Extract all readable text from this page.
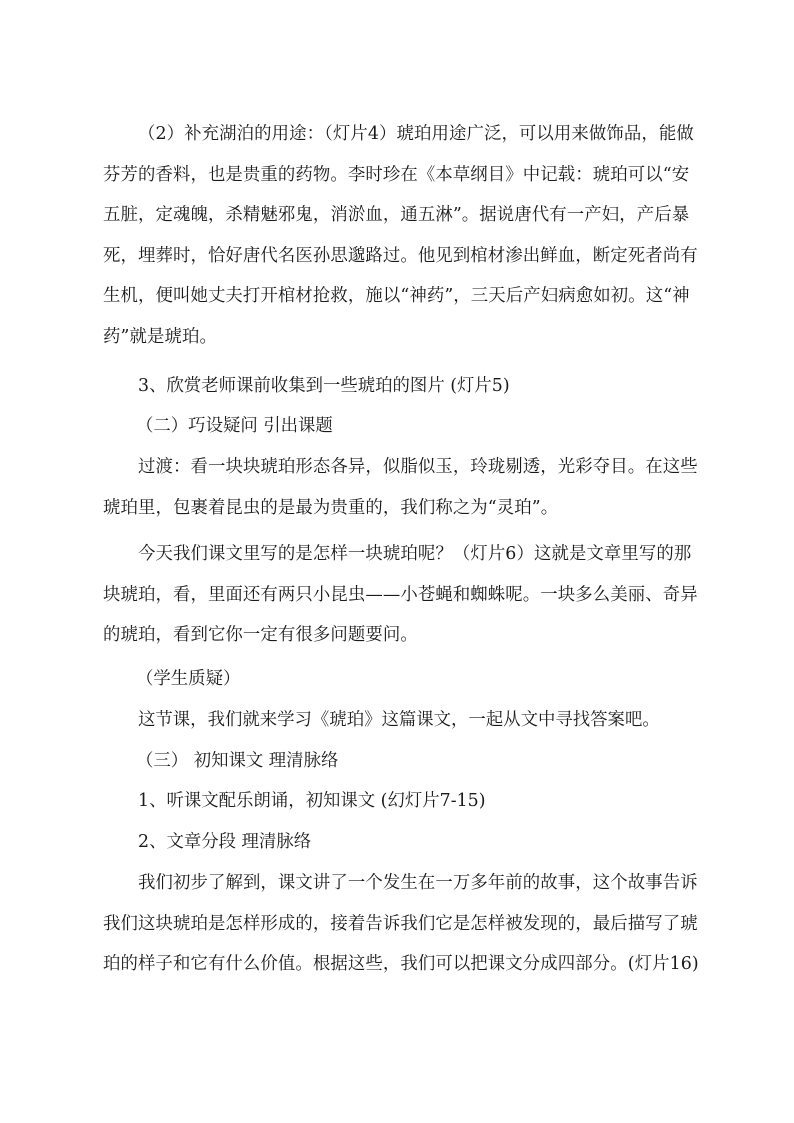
（2）补充湖泊的用途：（灯片4）琥珀用途广泛，可以用来做饰品，能做芬芳的香料，也是贵重的药物。李时珍在《本草纲目》中记载：琥珀可以“安五脏，定魂魄，杀精魅邪鬼，消淤血，通五淋”。据说唐代有一产妇，产后暴死，埋葬时，恰好唐代名医孙思邈路过。他见到棺材渗出鲜血，断定死者尚有生机，便叫她丈夫打开棺材抢救，施以“神药”，三天后产妇病愈如初。这“神药”就是琥珀。

3、欣赏老师课前收集到一些琥珀的图片 (灯片5)

（二）巧设疑问 引出课题

过渡：看一块块琥珀形态各异，似脂似玉，玲珑剔透，光彩夺目。在这些琥珀里，包裹着昆虫的是最为贵重的，我们称之为“灵珀”。

今天我们课文里写的是怎样一块琥珀呢？（灯片6）这就是文章里写的那块琥珀，看，里面还有两只小昆虫——小苍蝇和蜘蛛呢。一块多么美丽、奇异的琥珀，看到它你一定有很多问题要问。

（学生质疑）

这节课，我们就来学习《琥珀》这篇课文，一起从文中寻找答案吧。

（三） 初知课文 理清脉络

1、听课文配乐朗诵，初知课文 (幻灯片7-15)

2、文章分段 理清脉络

我们初步了解到，课文讲了一个发生在一万多年前的故事，这个故事告诉我们这块琥珀是怎样形成的，接着告诉我们它是怎样被发现的，最后描写了琥珀的样子和它有什么价值。根据这些，我们可以把课文分成四部分。(灯片16)
